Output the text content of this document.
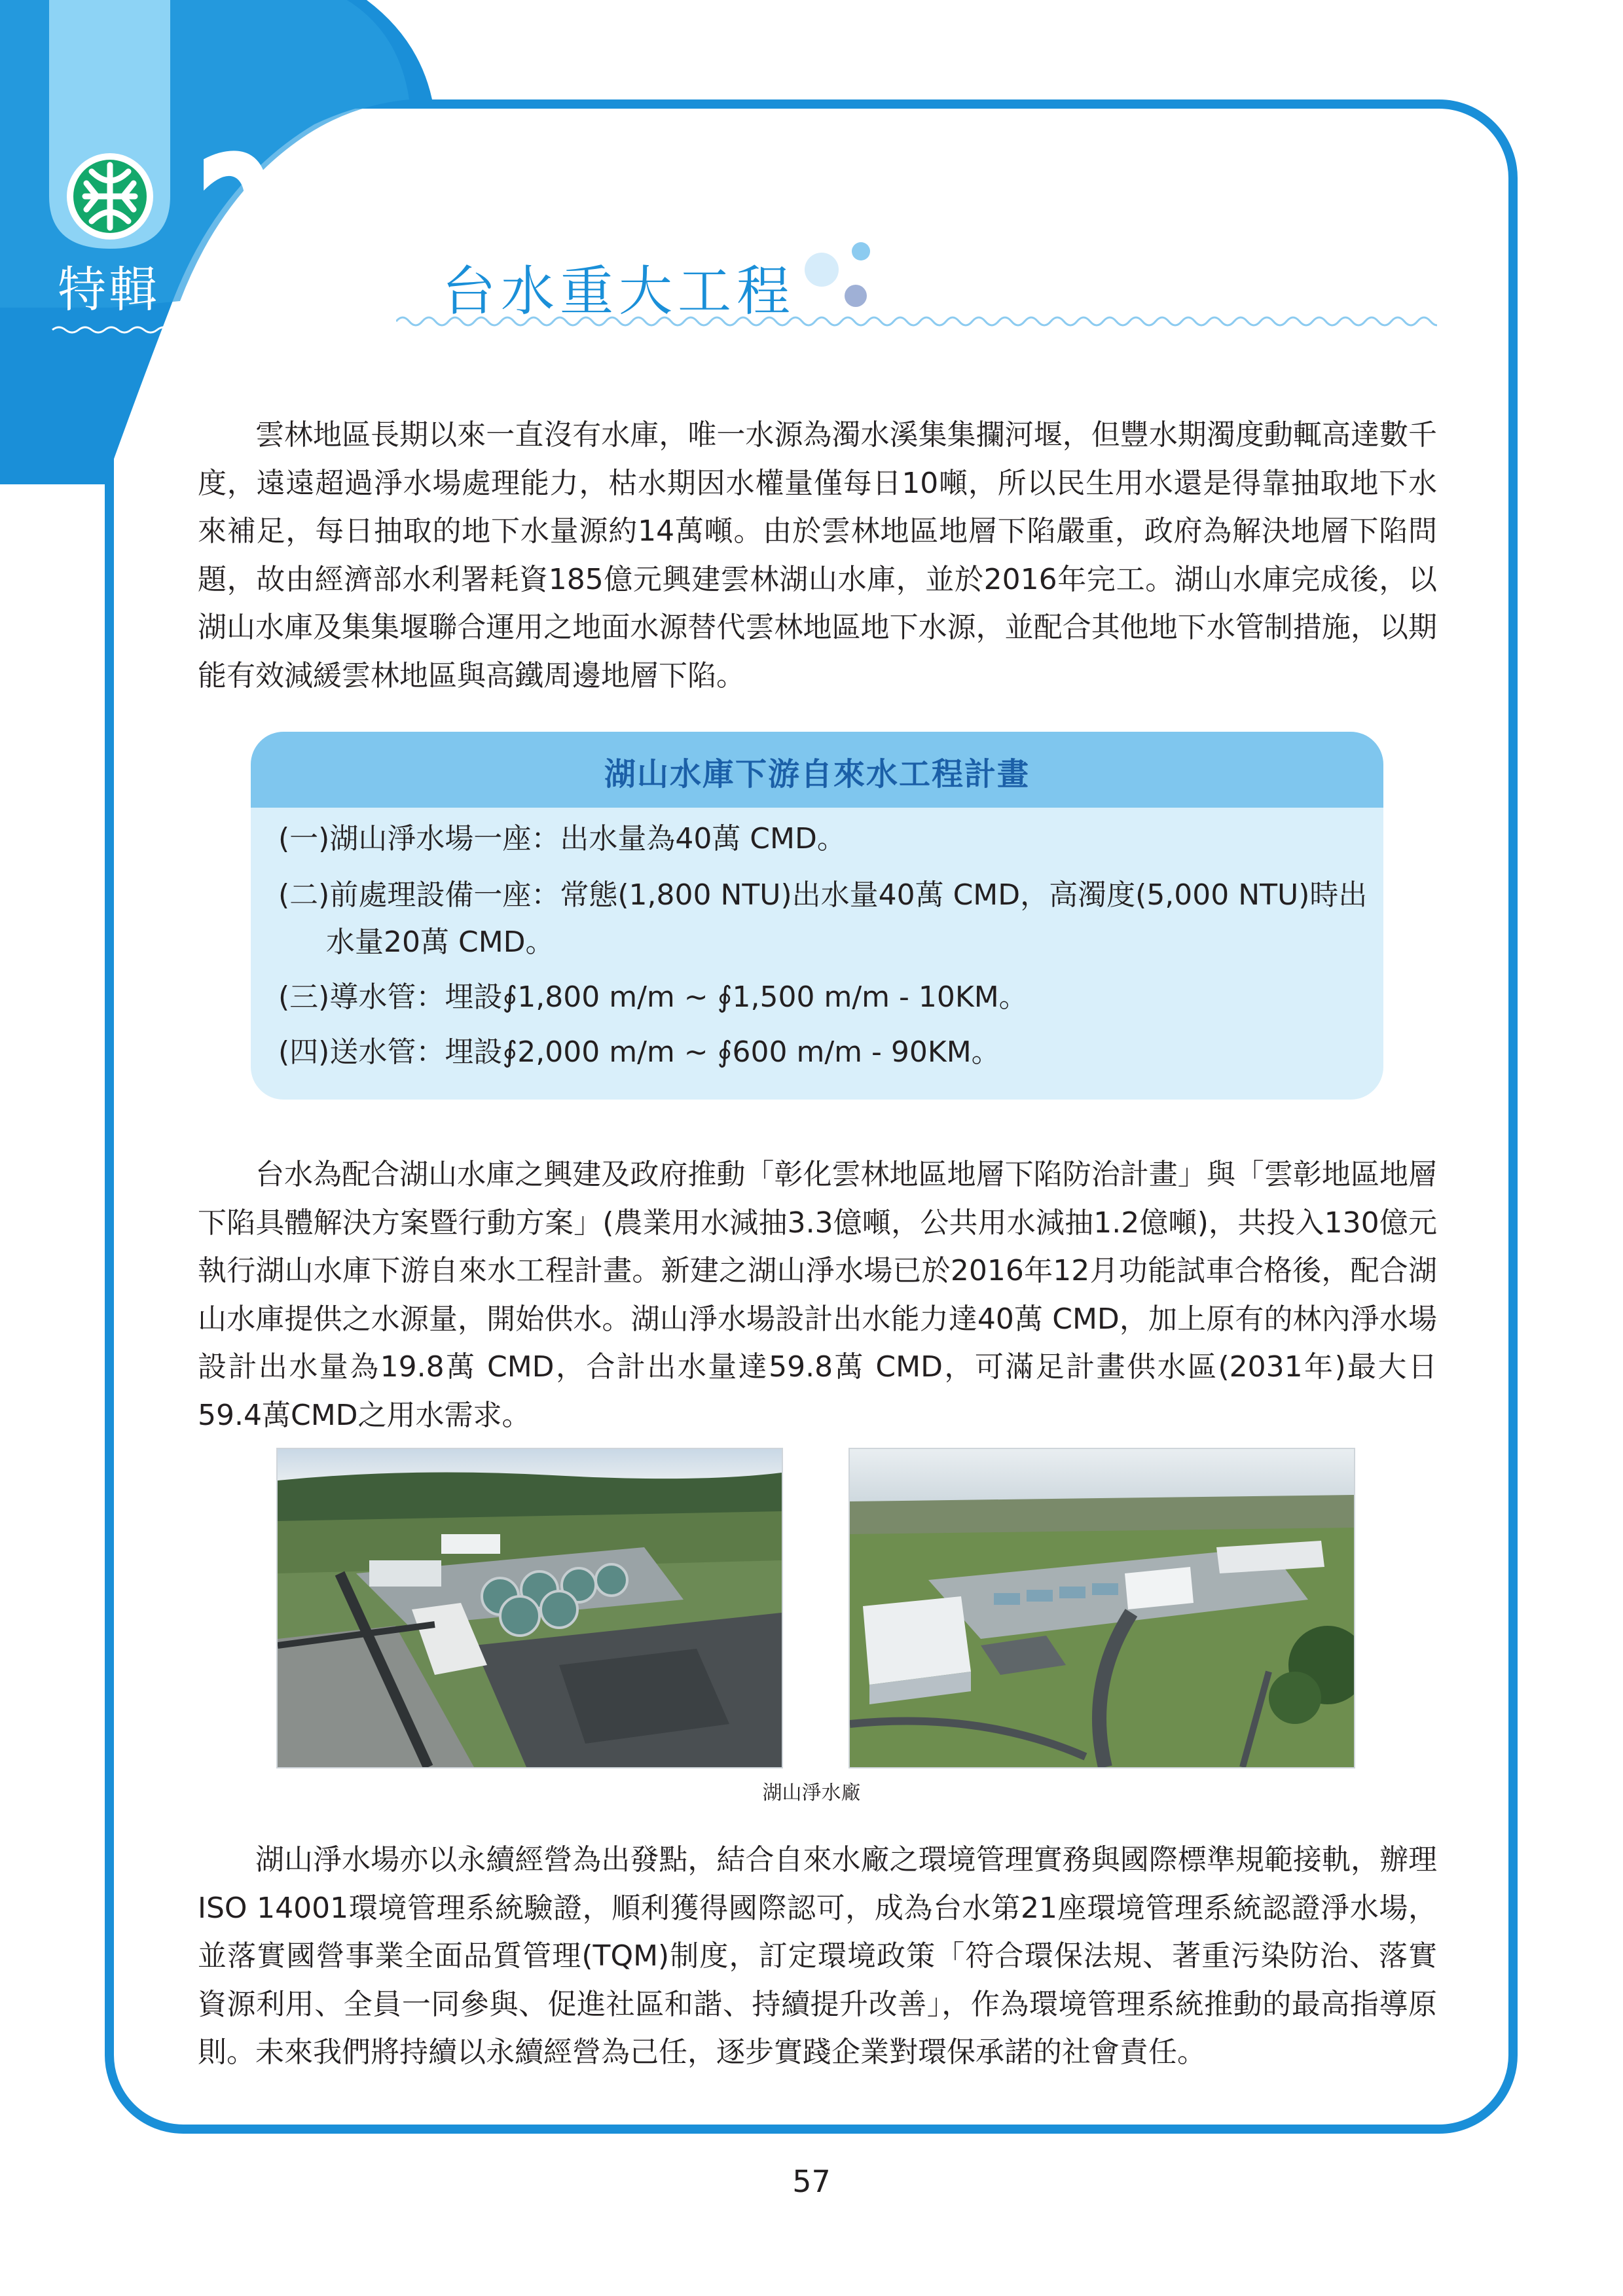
特輯 2	台水重大工程
雲林地區長期以來一直沒有水庫，唯一水源為濁水溪集集攔河堰，但豐水期濁度動輒高達數千度，遠遠超過淨水場處理能力，枯水期因水權量僅每日10噸，所以民生用水還是得靠抽取地下水來補足，每日抽取的地下水量源約14萬噸。由於雲林地區地層下陷嚴重，政府為解決地層下陷問題，故由經濟部水利署耗資185億元興建雲林湖山水庫，並於2016年完工。湖山水庫完成後，以湖山水庫及集集堰聯合運用之地面水源替代雲林地區地下水源，並配合其他地下水管制措施，以期能有效減緩雲林地區與高鐵周邊地層下陷。
湖山水庫下游自來水工程計畫
(一)湖山淨水場一座：出水量為40萬 CMD。
(二)前處理設備一座：常態(1,800 NTU)出水量40萬 CMD，高濁度(5,000 NTU)時出
水量20萬 CMD。
(三)導水管：埋設∮1,800 m/m ~ ∮1,500 m/m - 10KM。
(四)送水管：埋設∮2,000 m/m ~ ∮600 m/m - 90KM。
台水為配合湖山水庫之興建及政府推動「彰化雲林地區地層下陷防治計畫」與「雲彰地區地層下陷具體解決方案暨行動方案」(農業用水減抽3.3億噸，公共用水減抽1.2億噸)，共投入130億元執行湖山水庫下游自來水工程計畫。新建之湖山淨水場已於2016年12月功能試車合格後，配合湖山水庫提供之水源量，開始供水。湖山淨水場設計出水能力達40萬 CMD，加上原有的林內淨水場設計出水量為19.8萬 CMD，合計出水量達59.8萬 CMD，可滿足計畫供水區(2031年)最大日59.4萬CMD之用水需求。
湖山淨水廠
湖山淨水場亦以永續經營為出發點，結合自來水廠之環境管理實務與國際標準規範接軌，辦理ISO 14001環境管理系統驗證，順利獲得國際認可，成為台水第21座環境管理系統認證淨水場，並落實國營事業全面品質管理(TQM)制度，訂定環境政策「符合環保法規、著重污染防治、落實資源利用、全員一同參與、促進社區和諧、持續提升改善」，作為環境管理系統推動的最高指導原則。未來我們將持續以永續經營為己任，逐步實踐企業對環保承諾的社會責任。
57
